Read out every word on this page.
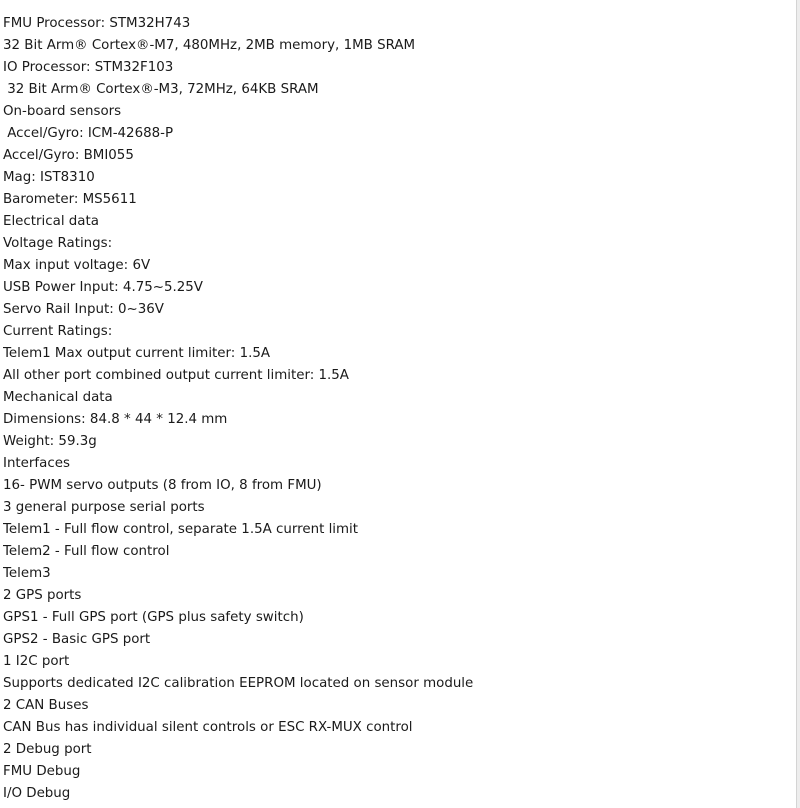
FMU Processor: STM32H743
32 Bit Arm® Cortex®-M7, 480MHz, 2MB memory, 1MB SRAM
IO Processor: STM32F103
32 Bit Arm® Cortex®-M3, 72MHz, 64KB SRAM
On-board sensors
Accel/Gyro: ICM-42688-P
Accel/Gyro: BMI055
Mag: IST8310
Barometer: MS5611
Electrical data
Voltage Ratings:
Max input voltage: 6V
USB Power Input: 4.75~5.25V
Servo Rail Input: 0~36V
Current Ratings:
Telem1 Max output current limiter: 1.5A
All other port combined output current limiter: 1.5A
Mechanical data
Dimensions: 84.8 * 44 * 12.4 mm
Weight: 59.3g
Interfaces
16- PWM servo outputs (8 from IO, 8 from FMU)
3 general purpose serial ports
Telem1 - Full flow control, separate 1.5A current limit
Telem2 - Full flow control
Telem3
2 GPS ports
GPS1 - Full GPS port (GPS plus safety switch)
GPS2 - Basic GPS port
1 I2C port
Supports dedicated I2C calibration EEPROM located on sensor module
2 CAN Buses
CAN Bus has individual silent controls or ESC RX-MUX control
2 Debug port
FMU Debug
I/O Debug
